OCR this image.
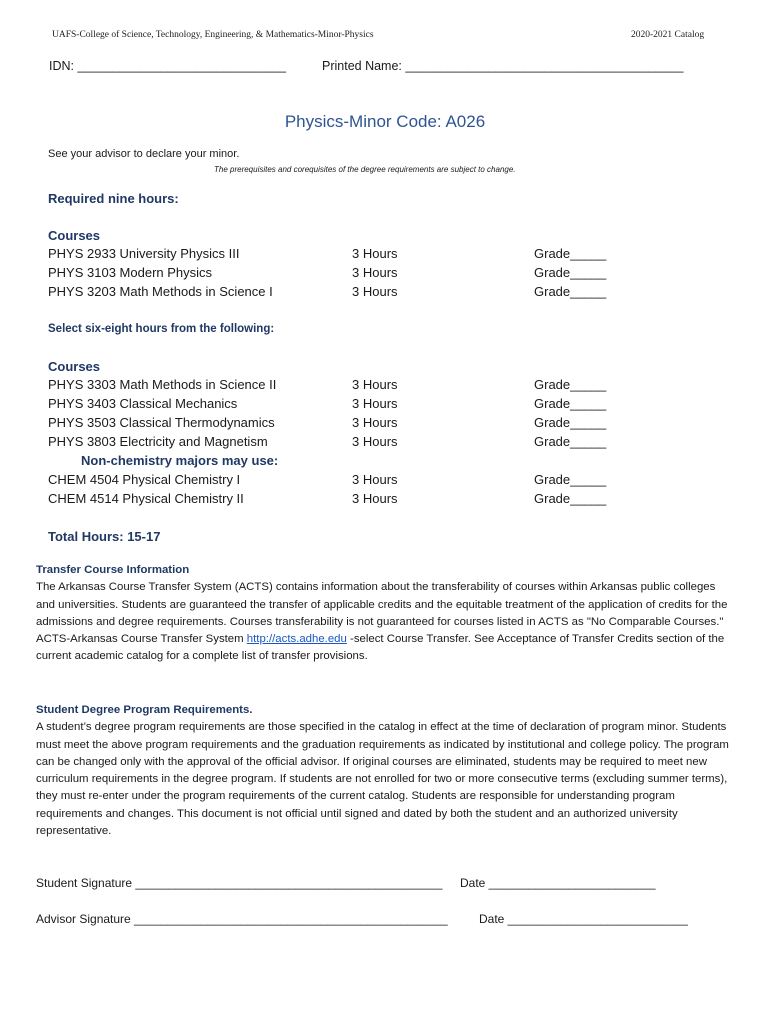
UAFS-College of Science, Technology, Engineering, & Mathematics-Minor-Physics	2020-2021 Catalog
IDN: ______________________________	Printed Name: ________________________________________
Physics-Minor Code: A026
See your advisor to declare your minor.
The prerequisites and corequisites of the degree requirements are subject to change.
Required nine hours:
Courses
PHYS 2933 University Physics III	3 Hours	Grade_____
PHYS 3103 Modern Physics	3 Hours	Grade_____
PHYS 3203 Math Methods in Science I	3 Hours	Grade_____
Select six-eight hours from the following:
Courses
PHYS 3303 Math Methods in Science II	3 Hours	Grade_____
PHYS 3403 Classical Mechanics	3 Hours	Grade_____
PHYS 3503 Classical Thermodynamics	3 Hours	Grade_____
PHYS 3803 Electricity and Magnetism	3 Hours	Grade_____
Non-chemistry majors may use:
CHEM 4504 Physical Chemistry I	3 Hours	Grade_____
CHEM 4514 Physical Chemistry II	3 Hours	Grade_____
Total Hours: 15-17
Transfer Course Information
The Arkansas Course Transfer System (ACTS) contains information about the transferability of courses within Arkansas public colleges and universities. Students are guaranteed the transfer of applicable credits and the equitable treatment of the application of credits for the admissions and degree requirements. Courses transferability is not guaranteed for courses listed in ACTS as "No Comparable Courses." ACTS-Arkansas Course Transfer System http://acts.adhe.edu -select Course Transfer. See Acceptance of Transfer Credits section of the current academic catalog for a complete list of transfer provisions.
Student Degree Program Requirements.
A student’s degree program requirements are those specified in the catalog in effect at the time of declaration of program minor. Students must meet the above program requirements and the graduation requirements as indicated by institutional and college policy. The program can be changed only with the approval of the official advisor. If original courses are eliminated, students may be required to meet new curriculum requirements in the degree program. If students are not enrolled for two or more consecutive terms (excluding summer terms), they must re-enter under the program requirements of the current catalog. Students are responsible for understanding program requirements and changes. This document is not official until signed and dated by both the student and an authorized university representative.
Student Signature ______________________________________________ Date _________________________
Advisor Signature _______________________________________________	Date ___________________________
